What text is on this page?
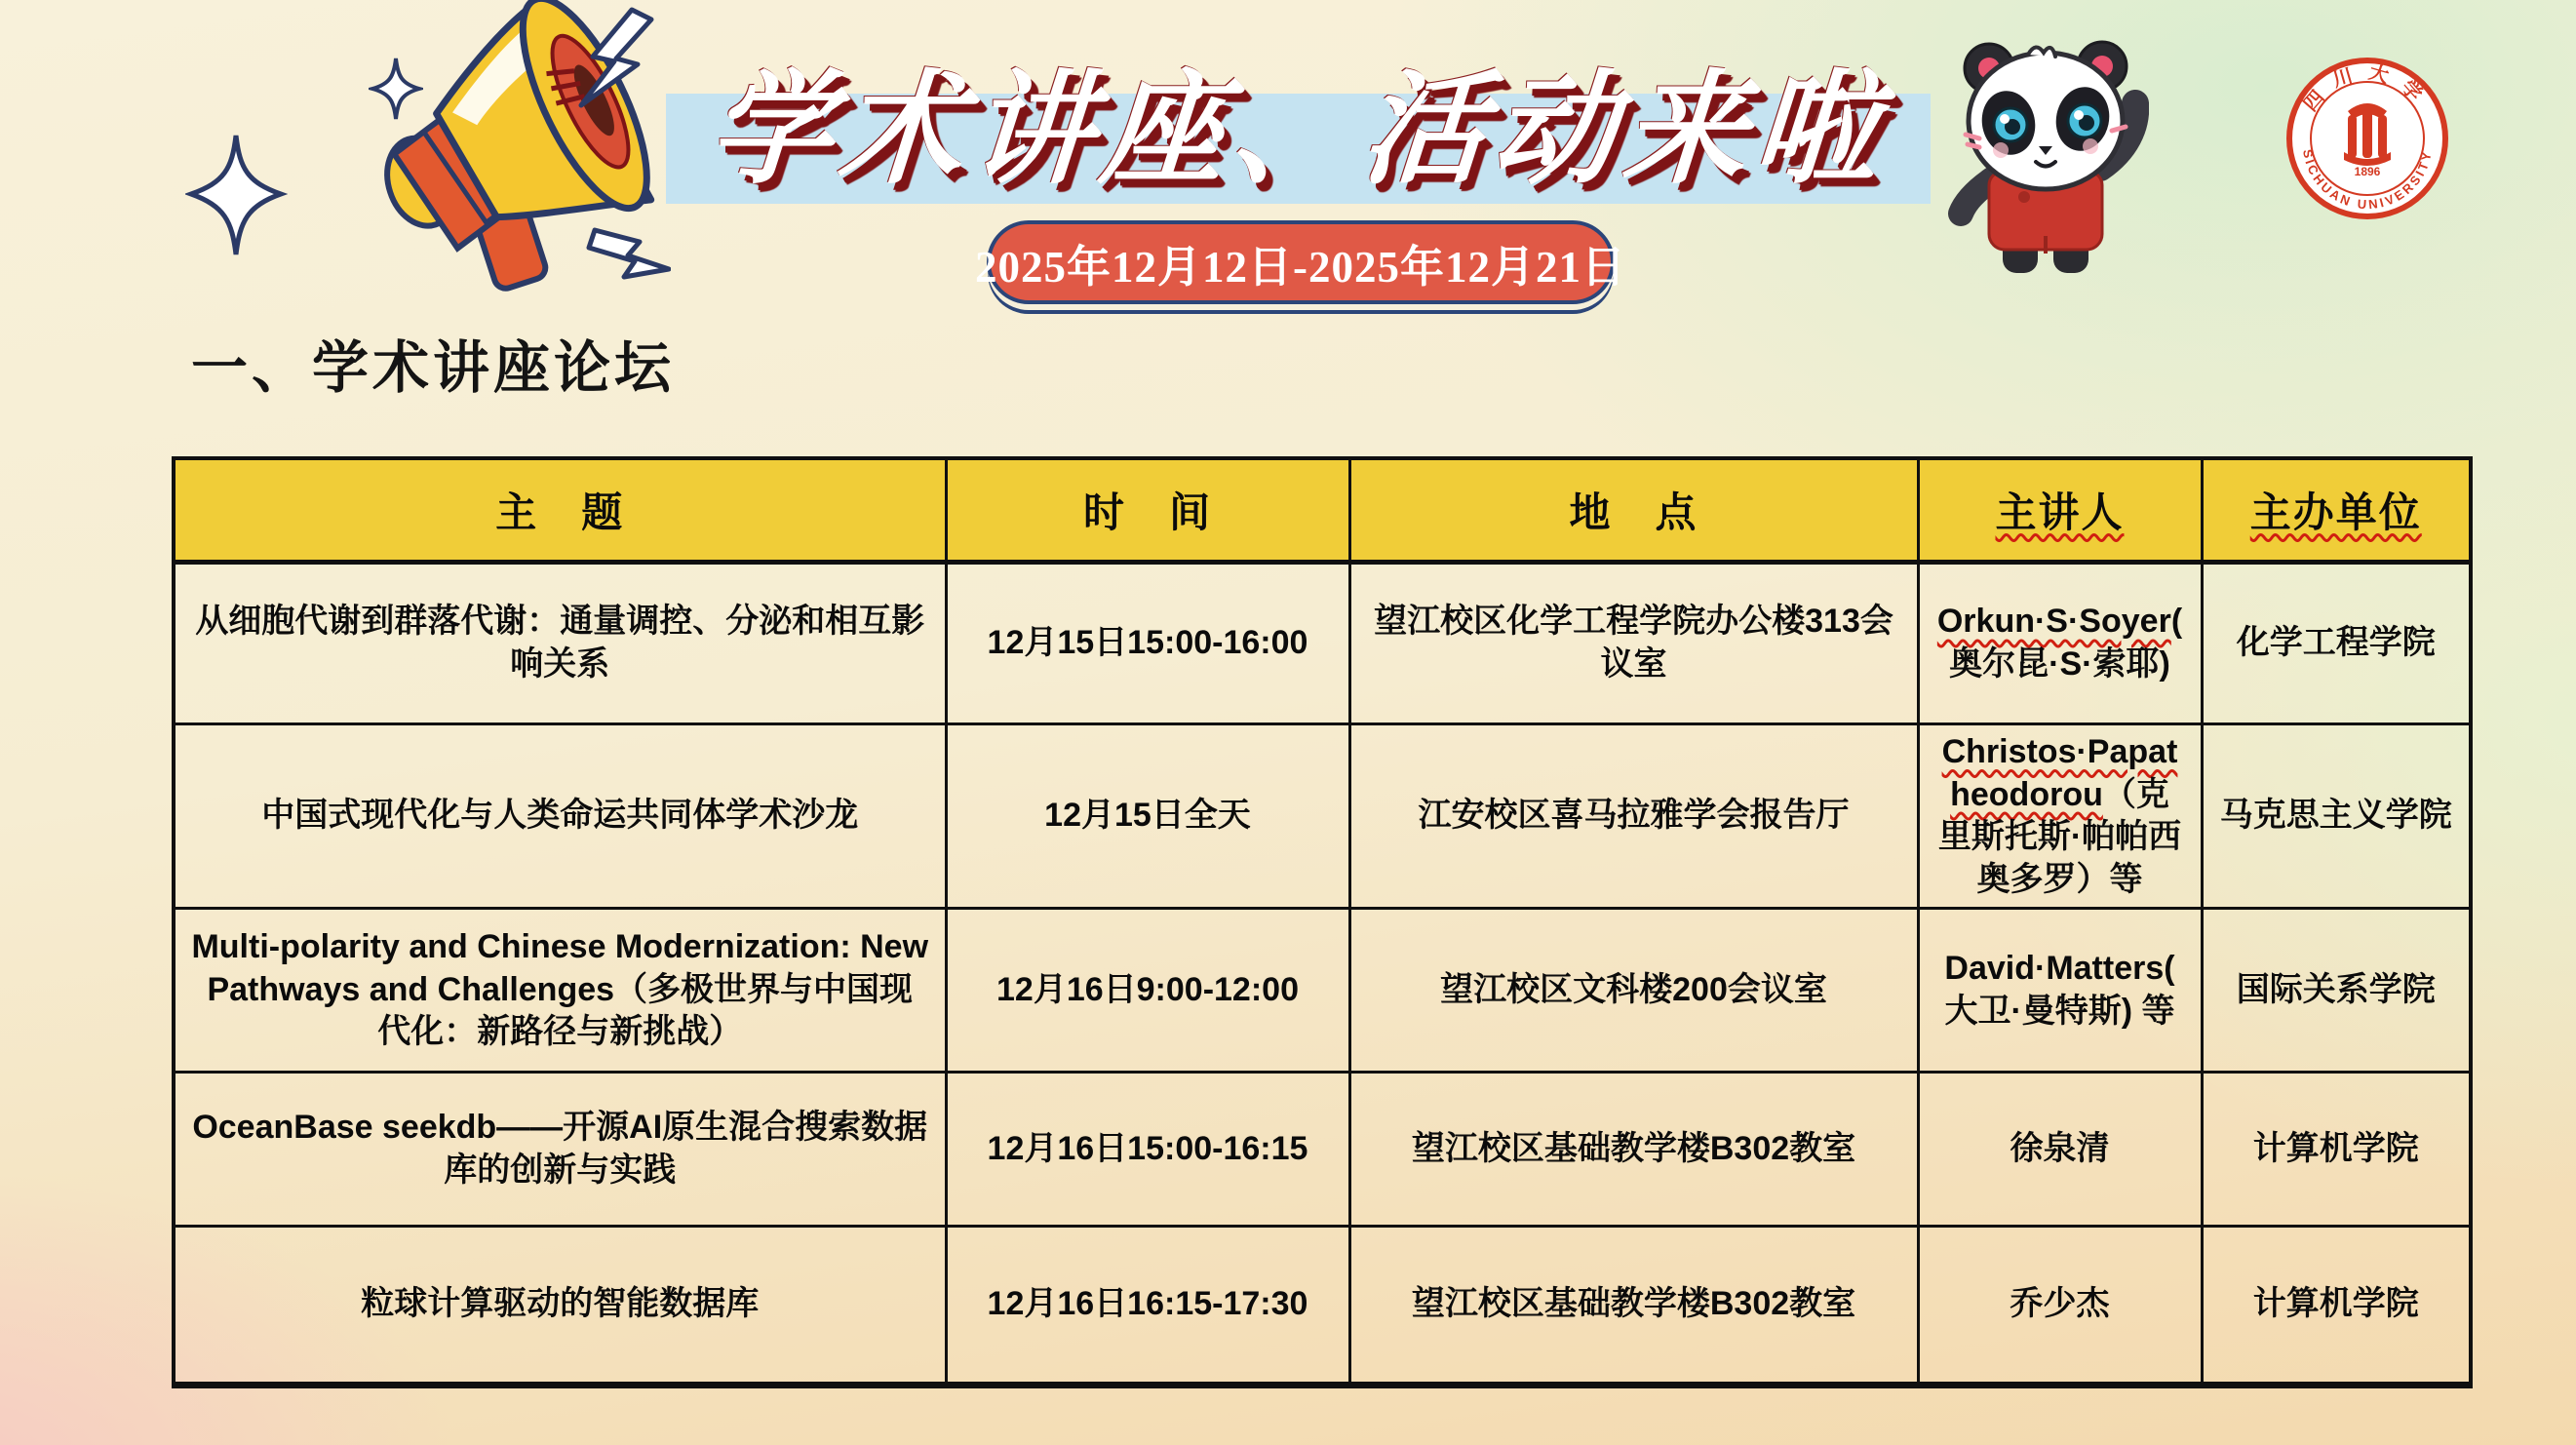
学术讲座、活动来啦
2025年12月12日-2025年12月21日
四川大学
SICHUAN UNIVERSITY
1896
一、学术讲座论坛
主　题	时　间	地　点	主讲人	主办单位
从细胞代谢到群落代谢：通量调控、分泌和相互影响关系	12月15日15:00-16:00	望江校区化学工程学院办公楼313会议室	Orkun·S·Soyer(奥尔昆·S·索耶)	化学工程学院
中国式现代化与人类命运共同体学术沙龙	12月15日全天	江安校区喜马拉雅学会报告厅	Christos·Papatheodorou（克里斯托斯·帕帕西奥多罗）等	马克思主义学院
Multi-polarity and Chinese Modernization: New Pathways and Challenges（多极世界与中国现代化：新路径与新挑战）	12月16日9:00-12:00	望江校区文科楼200会议室	David·Matters(大卫·曼特斯) 等	国际关系学院
OceanBase seekdb——开源AI原生混合搜索数据库的创新与实践	12月16日15:00-16:15	望江校区基础教学楼B302教室	徐泉清	计算机学院
粒球计算驱动的智能数据库	12月16日16:15-17:30	望江校区基础教学楼B302教室	乔少杰	计算机学院
